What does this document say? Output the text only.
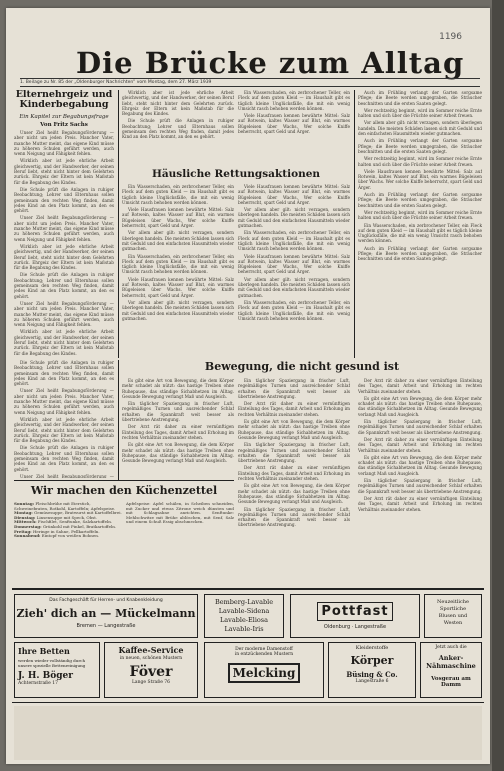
1196
Die Brücke zum Alltag
1. Beilage zu Nr. 85 der „Oldenburger Nachrichten“ vom Montag, dem 27. März 1939
Elternehrgeiz und Kinderbegabung
Ein Kapitel zur Begabungsfrage
Von Fritz Sachs

Unser Ziel heißt Begabungsförderung — aber nicht um jeden Preis. Mancher Vater, manche Mutter meint, das eigene Kind müsse zu höheren Schulen geführt werden, auch wenn Neigung und Fähigkeit fehlen.

Wirklich aber ist jede ehrliche Arbeit gleichwertig, und der Handwerker, der seinen Beruf liebt, steht nicht hinter dem Gelehrten zurück. Ehrgeiz der Eltern ist kein Maßstab für die Begabung des Kindes.

Die Schule prüft die Anlagen in ruhiger Beobachtung; Lehrer und Elternhaus sollen gemeinsam den rechten Weg finden, damit jedes Kind an den Platz kommt, an den es gehört.

Unser Ziel heißt Begabungsförderung — aber nicht um jeden Preis. Mancher Vater, manche Mutter meint, das eigene Kind müsse zu höheren Schulen geführt werden, auch wenn Neigung und Fähigkeit fehlen.

Wirklich aber ist jede ehrliche Arbeit gleichwertig, und der Handwerker, der seinen Beruf liebt, steht nicht hinter dem Gelehrten zurück. Ehrgeiz der Eltern ist kein Maßstab für die Begabung des Kindes.

Die Schule prüft die Anlagen in ruhiger Beobachtung; Lehrer und Elternhaus sollen gemeinsam den rechten Weg finden, damit jedes Kind an den Platz kommt, an den es gehört.

Unser Ziel heißt Begabungsförderung — aber nicht um jeden Preis. Mancher Vater, manche Mutter meint, das eigene Kind müsse zu höheren Schulen geführt werden, auch wenn Neigung und Fähigkeit fehlen.

Wirklich aber ist jede ehrliche Arbeit gleichwertig, und der Handwerker, der seinen Beruf liebt, steht nicht hinter dem Gelehrten zurück. Ehrgeiz der Eltern ist kein Maßstab für die Begabung des Kindes.

Wirklich aber ist jede ehrliche Arbeit gleichwertig, und der Handwerker, der seinen Beruf liebt, steht nicht hinter dem Gelehrten zurück. Ehrgeiz der Eltern ist kein Maßstab für die Begabung des Kindes.

Die Schule prüft die Anlagen in ruhiger Beobachtung; Lehrer und Elternhaus sollen gemeinsam den rechten Weg finden, damit jedes Kind an den Platz kommt, an den es gehört.

Ein Wasserschaden, ein zerbrochener Teller, ein Fleck auf dem guten Kleid — im Haushalt gibt es täglich kleine Unglücksfälle, die mit ein wenig Umsicht rasch behoben werden können.

Viele Hausfrauen kennen bewährte Mittel: Salz auf Rotwein, kaltes Wasser auf Blut, ein warmes Bügeleisen über Wachs. Wer solche Kniffe beherrscht, spart Geld und Ärger.

Häusliche Rettungsaktionen

Ein Wasserschaden, ein zerbrochener Teller, ein Fleck auf dem guten Kleid — im Haushalt gibt es täglich kleine Unglücksfälle, die mit ein wenig Umsicht rasch behoben werden können.

Viele Hausfrauen kennen bewährte Mittel: Salz auf Rotwein, kaltes Wasser auf Blut, ein warmes Bügeleisen über Wachs. Wer solche Kniffe beherrscht, spart Geld und Ärger.

Vor allem aber gilt: nicht verzagen, sondern überlegen handeln. Die meisten Schäden lassen sich mit Geduld und den einfachsten Hausmitteln wieder gutmachen.

Ein Wasserschaden, ein zerbrochener Teller, ein Fleck auf dem guten Kleid — im Haushalt gibt es täglich kleine Unglücksfälle, die mit ein wenig Umsicht rasch behoben werden können.

Viele Hausfrauen kennen bewährte Mittel: Salz auf Rotwein, kaltes Wasser auf Blut, ein warmes Bügeleisen über Wachs. Wer solche Kniffe beherrscht, spart Geld und Ärger.

Vor allem aber gilt: nicht verzagen, sondern überlegen handeln. Die meisten Schäden lassen sich mit Geduld und den einfachsten Hausmitteln wieder gutmachen.

Viele Hausfrauen kennen bewährte Mittel: Salz auf Rotwein, kaltes Wasser auf Blut, ein warmes Bügeleisen über Wachs. Wer solche Kniffe beherrscht, spart Geld und Ärger.

Vor allem aber gilt: nicht verzagen, sondern überlegen handeln. Die meisten Schäden lassen sich mit Geduld und den einfachsten Hausmitteln wieder gutmachen.

Ein Wasserschaden, ein zerbrochener Teller, ein Fleck auf dem guten Kleid — im Haushalt gibt es täglich kleine Unglücksfälle, die mit ein wenig Umsicht rasch behoben werden können.

Viele Hausfrauen kennen bewährte Mittel: Salz auf Rotwein, kaltes Wasser auf Blut, ein warmes Bügeleisen über Wachs. Wer solche Kniffe beherrscht, spart Geld und Ärger.

Vor allem aber gilt: nicht verzagen, sondern überlegen handeln. Die meisten Schäden lassen sich mit Geduld und den einfachsten Hausmitteln wieder gutmachen.

Ein Wasserschaden, ein zerbrochener Teller, ein Fleck auf dem guten Kleid — im Haushalt gibt es täglich kleine Unglücksfälle, die mit ein wenig Umsicht rasch behoben werden können.

Auch im Frühling verlangt der Garten sorgsame Pflege; die Beete werden umgegraben, die Sträucher beschnitten und die ersten Saaten gelegt.

Wer rechtzeitig beginnt, wird im Sommer reiche Ernte halten und sich über die Früchte seiner Arbeit freuen.

Vor allem aber gilt: nicht verzagen, sondern überlegen handeln. Die meisten Schäden lassen sich mit Geduld und den einfachsten Hausmitteln wieder gutmachen.

Auch im Frühling verlangt der Garten sorgsame Pflege; die Beete werden umgegraben, die Sträucher beschnitten und die ersten Saaten gelegt.

Wer rechtzeitig beginnt, wird im Sommer reiche Ernte halten und sich über die Früchte seiner Arbeit freuen.

Viele Hausfrauen kennen bewährte Mittel: Salz auf Rotwein, kaltes Wasser auf Blut, ein warmes Bügeleisen über Wachs. Wer solche Kniffe beherrscht, spart Geld und Ärger.

Auch im Frühling verlangt der Garten sorgsame Pflege; die Beete werden umgegraben, die Sträucher beschnitten und die ersten Saaten gelegt.

Wer rechtzeitig beginnt, wird im Sommer reiche Ernte halten und sich über die Früchte seiner Arbeit freuen.

Ein Wasserschaden, ein zerbrochener Teller, ein Fleck auf dem guten Kleid — im Haushalt gibt es täglich kleine Unglücksfälle, die mit ein wenig Umsicht rasch behoben werden können.

Auch im Frühling verlangt der Garten sorgsame Pflege; die Beete werden umgegraben, die Sträucher beschnitten und die ersten Saaten gelegt.

Bewegung, die nicht gesund ist

Es gibt eine Art von Bewegung, die dem Körper mehr schadet als nützt: das hastige Treiben ohne Ruhepause, das ständige Sichabhetzen im Alltag. Gesunde Bewegung verlangt Maß und Ausgleich.

Ein täglicher Spaziergang in frischer Luft, regelmäßiges Turnen und ausreichender Schlaf erhalten die Spannkraft weit besser als übertriebene Anstrengung.

Der Arzt rät daher zu einer vernünftigen Einteilung des Tages, damit Arbeit und Erholung im rechten Verhältnis zueinander stehen.

Es gibt eine Art von Bewegung, die dem Körper mehr schadet als nützt: das hastige Treiben ohne Ruhepause, das ständige Sichabhetzen im Alltag. Gesunde Bewegung verlangt Maß und Ausgleich.

Ein täglicher Spaziergang in frischer Luft, regelmäßiges Turnen und ausreichender Schlaf erhalten die Spannkraft weit besser als übertriebene Anstrengung.

Der Arzt rät daher zu einer vernünftigen Einteilung des Tages, damit Arbeit und Erholung im rechten Verhältnis zueinander stehen.

Es gibt eine Art von Bewegung, die dem Körper mehr schadet als nützt: das hastige Treiben ohne Ruhepause, das ständige Sichabhetzen im Alltag. Gesunde Bewegung verlangt Maß und Ausgleich.

Ein täglicher Spaziergang in frischer Luft, regelmäßiges Turnen und ausreichender Schlaf erhalten die Spannkraft weit besser als übertriebene Anstrengung.

Der Arzt rät daher zu einer vernünftigen Einteilung des Tages, damit Arbeit und Erholung im rechten Verhältnis zueinander stehen.

Es gibt eine Art von Bewegung, die dem Körper mehr schadet als nützt: das hastige Treiben ohne Ruhepause, das ständige Sichabhetzen im Alltag. Gesunde Bewegung verlangt Maß und Ausgleich.

Ein täglicher Spaziergang in frischer Luft, regelmäßiges Turnen und ausreichender Schlaf erhalten die Spannkraft weit besser als übertriebene Anstrengung.

Der Arzt rät daher zu einer vernünftigen Einteilung des Tages, damit Arbeit und Erholung im rechten Verhältnis zueinander stehen.

Es gibt eine Art von Bewegung, die dem Körper mehr schadet als nützt: das hastige Treiben ohne Ruhepause, das ständige Sichabhetzen im Alltag. Gesunde Bewegung verlangt Maß und Ausgleich.

Ein täglicher Spaziergang in frischer Luft, regelmäßiges Turnen und ausreichender Schlaf erhalten die Spannkraft weit besser als übertriebene Anstrengung.

Der Arzt rät daher zu einer vernünftigen Einteilung des Tages, damit Arbeit und Erholung im rechten Verhältnis zueinander stehen.

Es gibt eine Art von Bewegung, die dem Körper mehr schadet als nützt: das hastige Treiben ohne Ruhepause, das ständige Sichabhetzen im Alltag. Gesunde Bewegung verlangt Maß und Ausgleich.

Ein täglicher Spaziergang in frischer Luft, regelmäßiges Turnen und ausreichender Schlaf erhalten die Spannkraft weit besser als übertriebene Anstrengung.

Der Arzt rät daher zu einer vernünftigen Einteilung des Tages, damit Arbeit und Erholung im rechten Verhältnis zueinander stehen.

Die Schule prüft die Anlagen in ruhiger Beobachtung; Lehrer und Elternhaus sollen gemeinsam den rechten Weg finden, damit jedes Kind an den Platz kommt, an den es gehört.

Unser Ziel heißt Begabungsförderung — aber nicht um jeden Preis. Mancher Vater, manche Mutter meint, das eigene Kind müsse zu höheren Schulen geführt werden, auch wenn Neigung und Fähigkeit fehlen.

Wirklich aber ist jede ehrliche Arbeit gleichwertig, und der Handwerker, der seinen Beruf liebt, steht nicht hinter dem Gelehrten zurück. Ehrgeiz der Eltern ist kein Maßstab für die Begabung des Kindes.

Die Schule prüft die Anlagen in ruhiger Beobachtung; Lehrer und Elternhaus sollen gemeinsam den rechten Weg finden, damit jedes Kind an den Platz kommt, an den es gehört.

Unser Ziel heißt Begabungsförderung —

Wir machen den Küchenzettel
Sonntag: Fleischbrühe mit Eierstich, Schweinebraten, Rotkohl, Kartoffeln; Apfelspeise.
Montag: Gemüsesuppe, Bratwurst mit Kartoffelbrei.
Dienstag: Linsensuppe mit Speck, Obst.
Mittwoch: Fischfilet, Senftunke, Salzkartoffeln.
Donnerstag: Grünkohl mit Pinkel, Bratkartoffeln.
Freitag: Heringe in Sahne, Pellkartoffeln.
Sonnabend: Eintopf von weißen Bohnen.
Apfelspeise: Äpfel schälen, in Scheiben schneiden, mit Zucker und etwas Zitrone weich dünsten und mit Schlagsahne anrichten. Senftunke: Mehlschwitze mit Brühe ablöschen, mit Senf, Salz und einem Schuß Essig abschmecken.
Das Fachgeschäft für Herren- und Knabenkleidung
Zieh' dich an — Mückelmann
Bremen — Langestraße
Bemberg-Lavable
Lavable-Sidena
Lavable-Eliosa
Lavable-Iris
Pottfast
Oldenburg · Langestraße
Neuzeitliche
Sportliche
Blusen und
Westen
Ihre Betten
werden wieder vollständig durch unsere spezielle Bettenreinigung
J. H. Böger
Achternstraße 17
Kaffee-Service
in neuen, schönen Mustern
Föver
Lange Straße 76
Der moderne Damenstoff
in entzückenden Mustern
Melcking
Kleiderstoffe
Körper
Büsing & Co.
Langestraße 6
Jetzt auch die
Anker-Nähmaschine
Vosgerau am Damm
